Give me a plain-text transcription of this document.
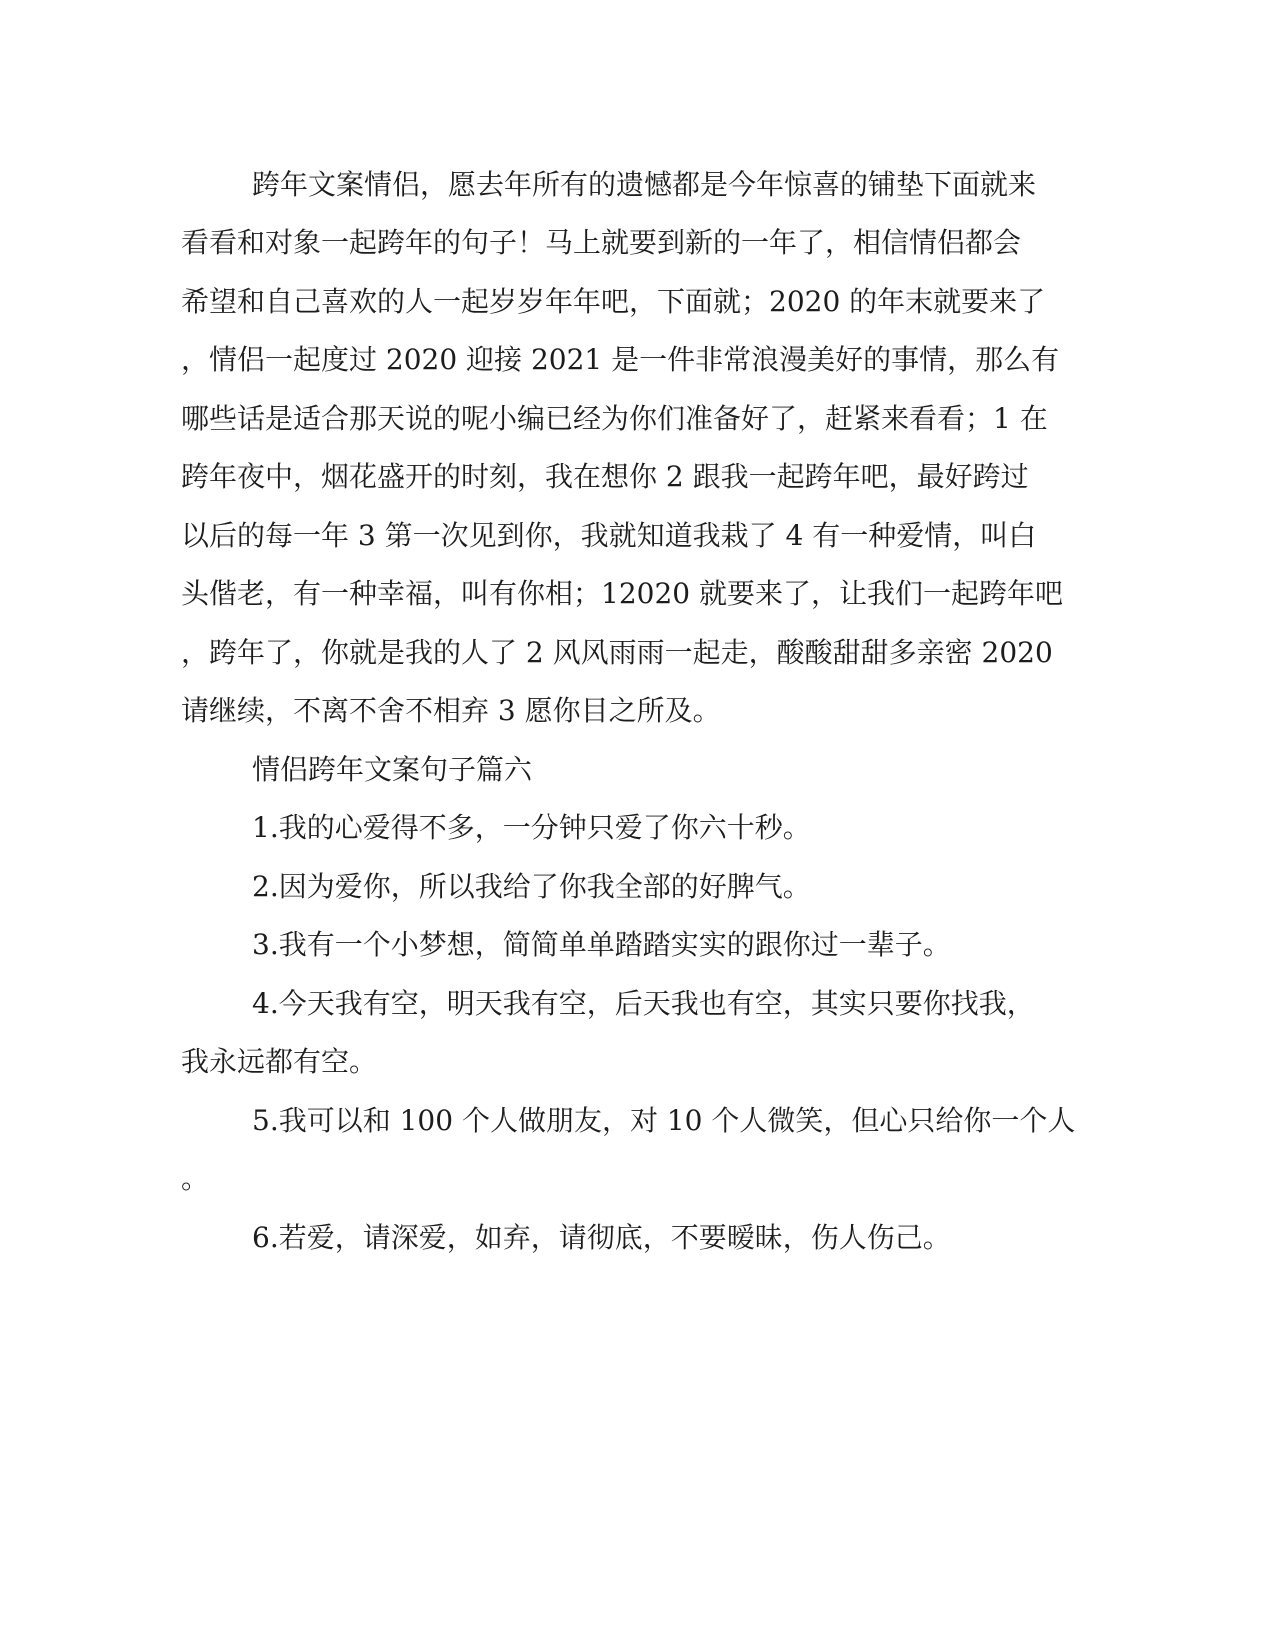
跨年文案情侣，愿去年所有的遗憾都是今年惊喜的铺垫下面就来
看看和对象一起跨年的句子！马上就要到新的一年了，相信情侣都会
希望和自己喜欢的人一起岁岁年年吧，下面就；2020 的年末就要来了
，情侣一起度过 2020 迎接 2021 是一件非常浪漫美好的事情，那么有
哪些话是适合那天说的呢小编已经为你们准备好了，赶紧来看看；1 在
跨年夜中，烟花盛开的时刻，我在想你 2 跟我一起跨年吧，最好跨过
以后的每一年 3 第一次见到你，我就知道我栽了 4 有一种爱情，叫白
头偕老，有一种幸福，叫有你相；12020 就要来了，让我们一起跨年吧
，跨年了，你就是我的人了 2 风风雨雨一起走，酸酸甜甜多亲密 2020
请继续，不离不舍不相弃 3 愿你目之所及。
情侣跨年文案句子篇六
1.我的心爱得不多，一分钟只爱了你六十秒。
2.因为爱你，所以我给了你我全部的好脾气。
3.我有一个小梦想，简简单单踏踏实实的跟你过一辈子。
4.今天我有空，明天我有空，后天我也有空，其实只要你找我，
我永远都有空。
5.我可以和 100 个人做朋友，对 10 个人微笑，但心只给你一个人
。
6.若爱，请深爱，如弃，请彻底，不要暧昧，伤人伤己。
